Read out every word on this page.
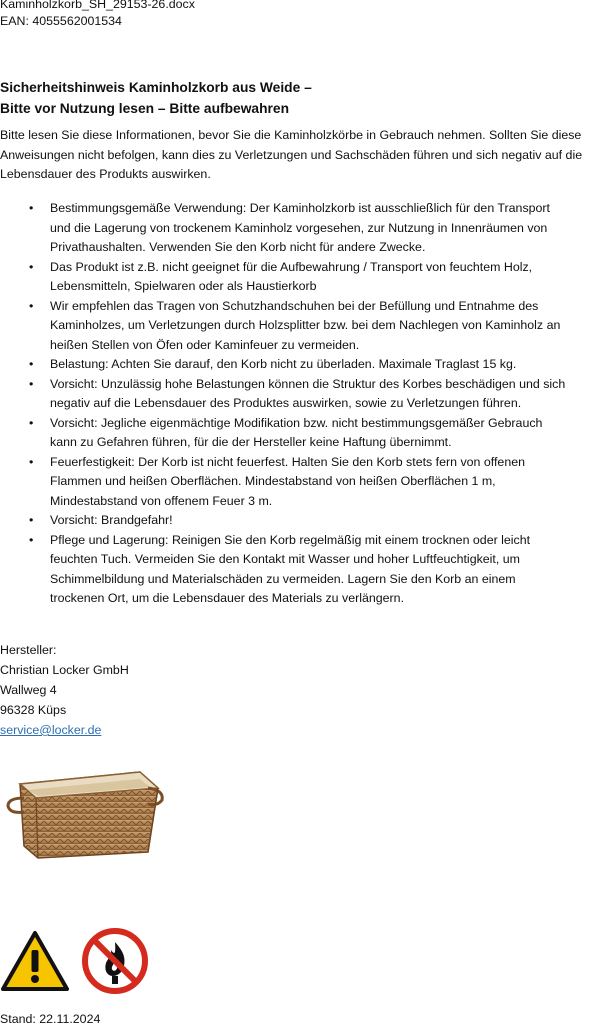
Kaminholzkorb_SH_29153-26.docx
EAN: 4055562001534
Sicherheitshinweis Kaminholzkorb aus Weide –
Bitte vor Nutzung lesen – Bitte aufbewahren
Bitte lesen Sie diese Informationen, bevor Sie die Kaminholzkörbe in Gebrauch nehmen. Sollten Sie diese Anweisungen nicht befolgen, kann dies zu Verletzungen und Sachschäden führen und sich negativ auf die Lebensdauer des Produkts auswirken.
• Bestimmungsgemäße Verwendung: Der Kaminholzkorb ist ausschließlich für den Transport
und die Lagerung von trockenem Kaminholz vorgesehen, zur Nutzung in Innenräumen von
Privathaushalten. Verwenden Sie den Korb nicht für andere Zwecke.
• Das Produkt ist z.B. nicht geeignet für die Aufbewahrung / Transport von feuchtem Holz,
Lebensmitteln, Spielwaren oder als Haustierkorb
• Wir empfehlen das Tragen von Schutzhandschuhen bei der Befüllung und Entnahme des
Kaminholzes, um Verletzungen durch Holzsplitter bzw. bei dem Nachlegen von Kaminholz an
heißen Stellen von Öfen oder Kaminfeuer zu vermeiden.
• Belastung: Achten Sie darauf, den Korb nicht zu überladen. Maximale Traglast 15 kg.
• Vorsicht: Unzulässig hohe Belastungen können die Struktur des Korbes beschädigen und sich
negativ auf die Lebensdauer des Produktes auswirken, sowie zu Verletzungen führen.
• Vorsicht: Jegliche eigenmächtige Modifikation bzw. nicht bestimmungsgemäßer Gebrauch
kann zu Gefahren führen, für die der Hersteller keine Haftung übernimmt.
• Feuerfestigkeit: Der Korb ist nicht feuerfest. Halten Sie den Korb stets fern von offenen
Flammen und heißen Oberflächen. Mindestabstand von heißen Oberflächen 1 m,
Mindestabstand von offenem Feuer 3 m.
• Vorsicht: Brandgefahr!
• Pflege und Lagerung: Reinigen Sie den Korb regelmäßig mit einem trocknen oder leicht
feuchten Tuch. Vermeiden Sie den Kontakt mit Wasser und hoher Luftfeuchtigkeit, um
Schimmelbildung und Materialschäden zu vermeiden. Lagern Sie den Korb an einem
trockenen Ort, um die Lebensdauer des Materials zu verlängern.
Hersteller:
Christian Locker GmbH
Wallweg 4
96328 Küps
service@locker.de
Stand: 22.11.2024
